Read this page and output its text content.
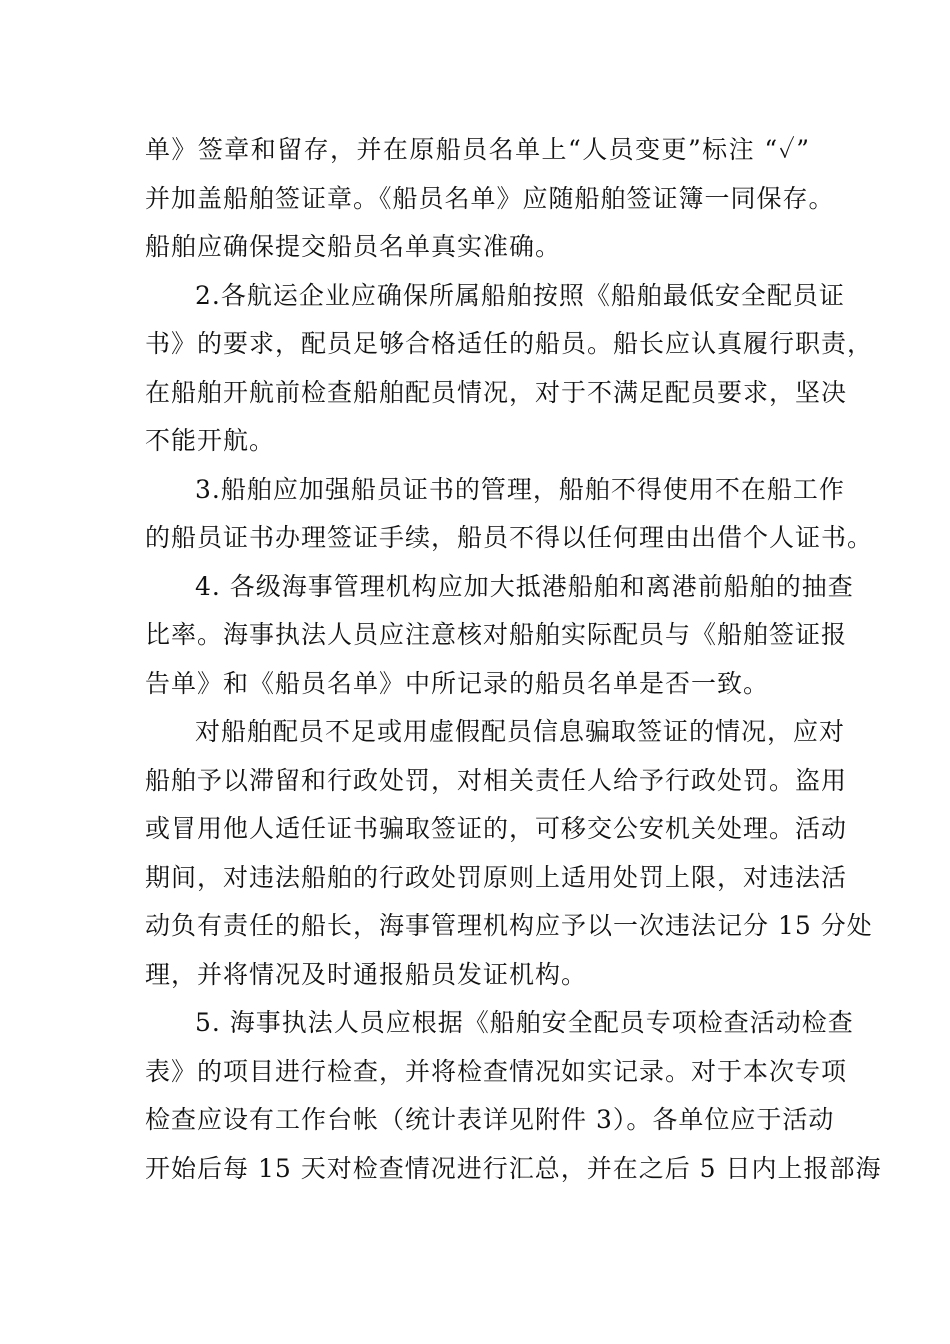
单》签章和留存，并在原船员名单上“人员变更”标注 “✓”
并加盖船舶签证章。《船员名单》应随船舶签证簿一同保存。
船舶应确保提交船员名单真实准确。
2.各航运企业应确保所属船舶按照《船舶最低安全配员证
书》的要求，配员足够合格适任的船员。船长应认真履行职责，
在船舶开航前检查船舶配员情况，对于不满足配员要求，坚决
不能开航。
3.船舶应加强船员证书的管理，船舶不得使用不在船工作
的船员证书办理签证手续，船员不得以任何理由出借个人证书。
4. 各级海事管理机构应加大抵港船舶和离港前船舶的抽查
比率。海事执法人员应注意核对船舶实际配员与《船舶签证报
告单》和《船员名单》中所记录的船员名单是否一致。
对船舶配员不足或用虚假配员信息骗取签证的情况，应对
船舶予以滞留和行政处罚，对相关责任人给予行政处罚。盗用
或冒用他人适任证书骗取签证的，可移交公安机关处理。活动
期间，对违法船舶的行政处罚原则上适用处罚上限，对违法活
动负有责任的船长，海事管理机构应予以一次违法记分 15 分处
理，并将情况及时通报船员发证机构。
5. 海事执法人员应根据《船舶安全配员专项检查活动检查
表》的项目进行检查，并将检查情况如实记录。对于本次专项
检查应设有工作台帐（统计表详见附件 3）。各单位应于活动
开始后每 15 天对检查情况进行汇总，并在之后 5 日内上报部海
